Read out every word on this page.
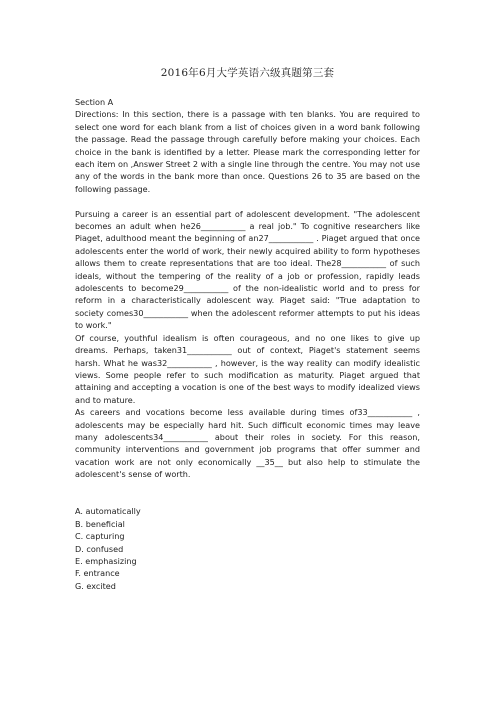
2016年6月大学英语六级真题第三套

Section A

Directions: In this section, there is a passage with ten blanks. You are required to select one word for each blank from a list of choices given in a word bank following the passage. Read the passage through carefully before making your choices. Each choice in the bank is identified by a letter. Please mark the corresponding letter for each item on ,Answer Street 2 with a single line through the centre. You may not use any of the words in the bank more than once. Questions 26 to 35 are based on the following passage.

Pursuing a career is an essential part of adolescent development. "The adolescent becomes an adult when he26___________ a real job." To cognitive researchers like Piaget, adulthood meant the beginning of an27___________ . Piaget argued that once adolescents enter the world of work, their newly acquired ability to form hypotheses allows them to create representations that are too ideal. The28___________ of such ideals, without the tempering of the reality of a job or profession, rapidly leads adolescents to become29___________ of the non-idealistic world and to press for reform in a characteristically adolescent way. Piaget said: "True adaptation to society comes30___________ when the adolescent reformer attempts to put his ideas to work."

Of course, youthful idealism is often courageous, and no one likes to give up dreams. Perhaps, taken31___________ out of context, Piaget's statement seems harsh. What he was32___________ , however, is the way reality can modify idealistic views. Some people refer to such modification as maturity. Piaget argued that attaining and accepting a vocation is one of the best ways to modify idealized views and to mature.

As careers and vocations become less available during times of33___________ , adolescents may be especially hard hit. Such difficult economic times may leave many adolescents34___________ about their roles in society. For this reason, community interventions and government job programs that offer summer and vacation work are not only economically __35__ but also help to stimulate the adolescent's sense of worth.

A. automatically
B. beneficial
C. capturing
D. confused
E. emphasizing
F. entrance
G. excited
